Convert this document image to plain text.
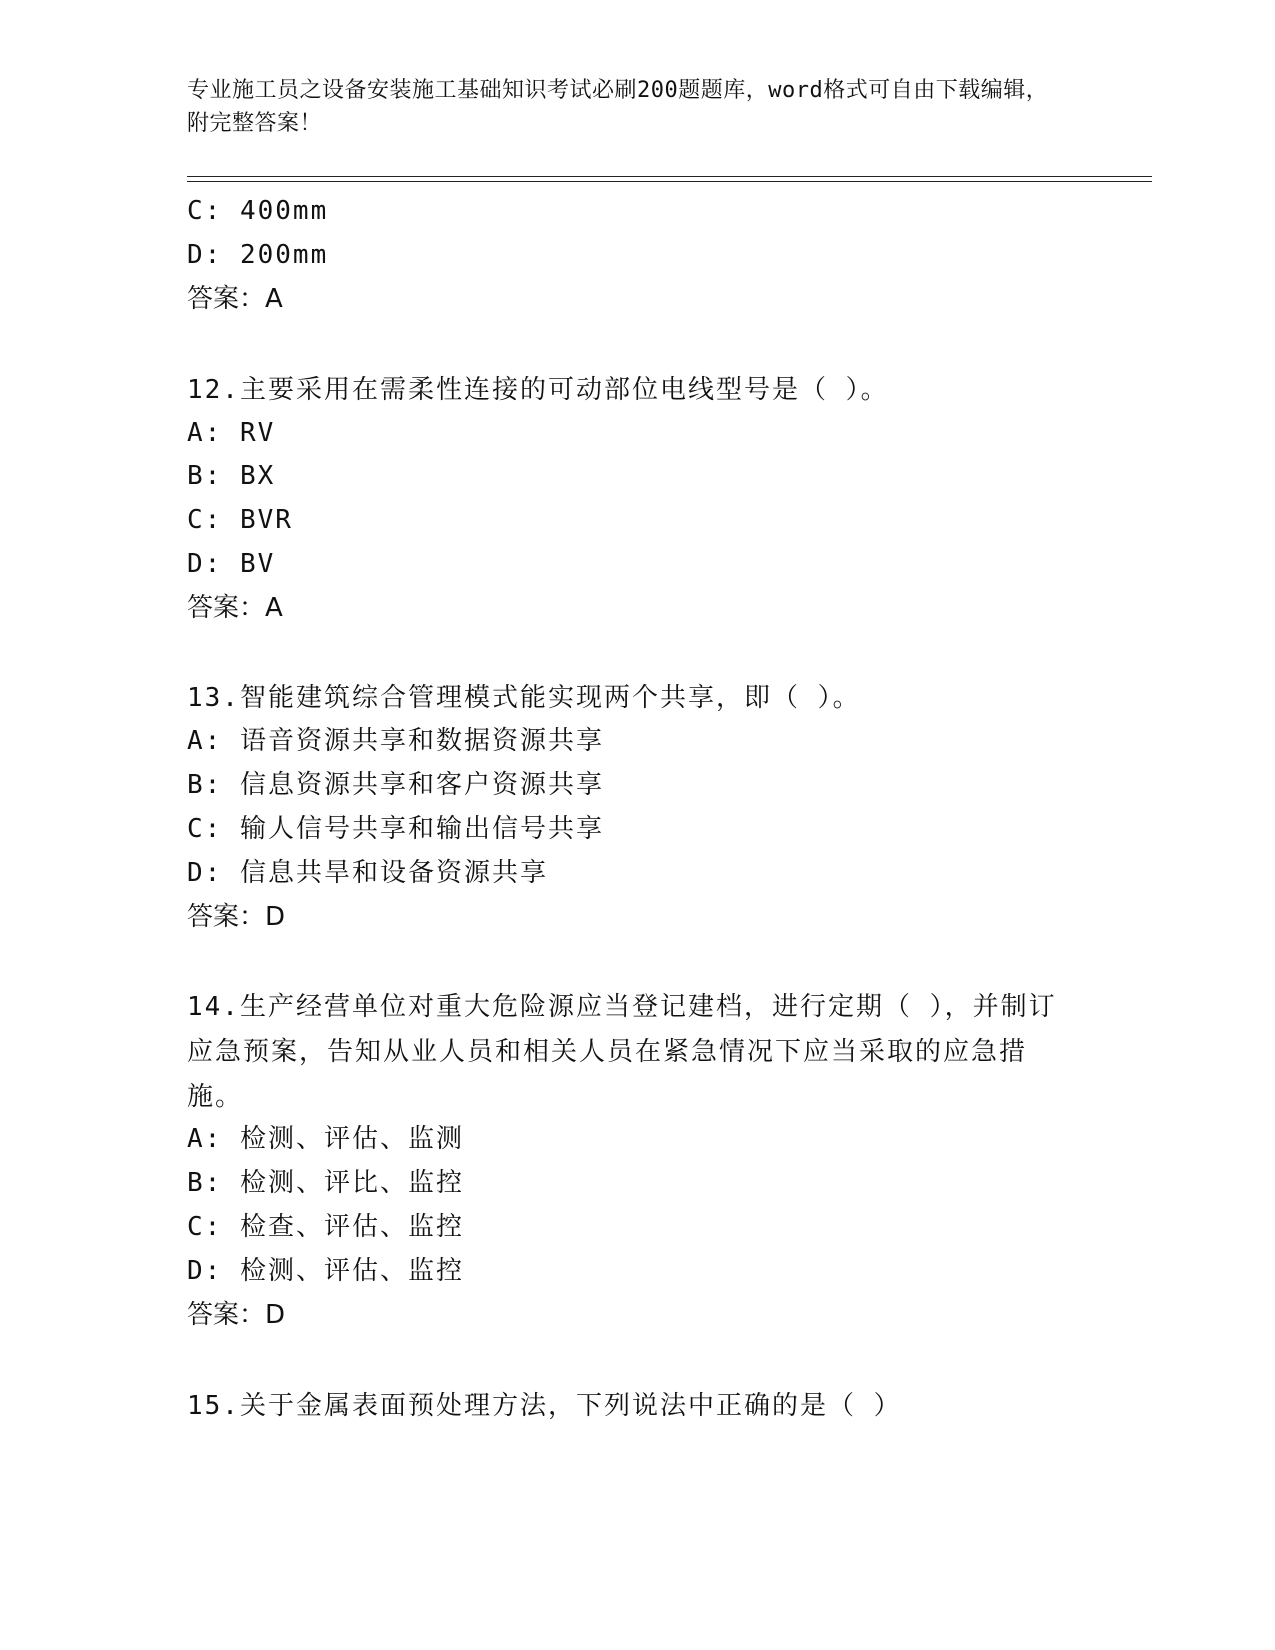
专业施工员之设备安装施工基础知识考试必刷200题题库，word格式可自由下载编辑，附完整答案！
C: 400mm
D: 200mm
答案：A
12.主要采用在需柔性连接的可动部位电线型号是（ ）。
A: RV
B: BX
C: BVR
D: BV
答案：A
13.智能建筑综合管理模式能实现两个共享，即（ ）。
A: 语音资源共享和数据资源共享
B: 信息资源共享和客户资源共享
C: 输人信号共享和输出信号共享
D: 信息共旱和设备资源共享
答案：D
14.生产经营单位对重大危险源应当登记建档，进行定期（ ），并制订应急预案，告知从业人员和相关人员在紧急情况下应当采取的应急措施。
A: 检测、评估、监测
B: 检测、评比、监控
C: 检查、评估、监控
D: 检测、评估、监控
答案：D
15.关于金属表面预处理方法，下列说法中正确的是（ ）
